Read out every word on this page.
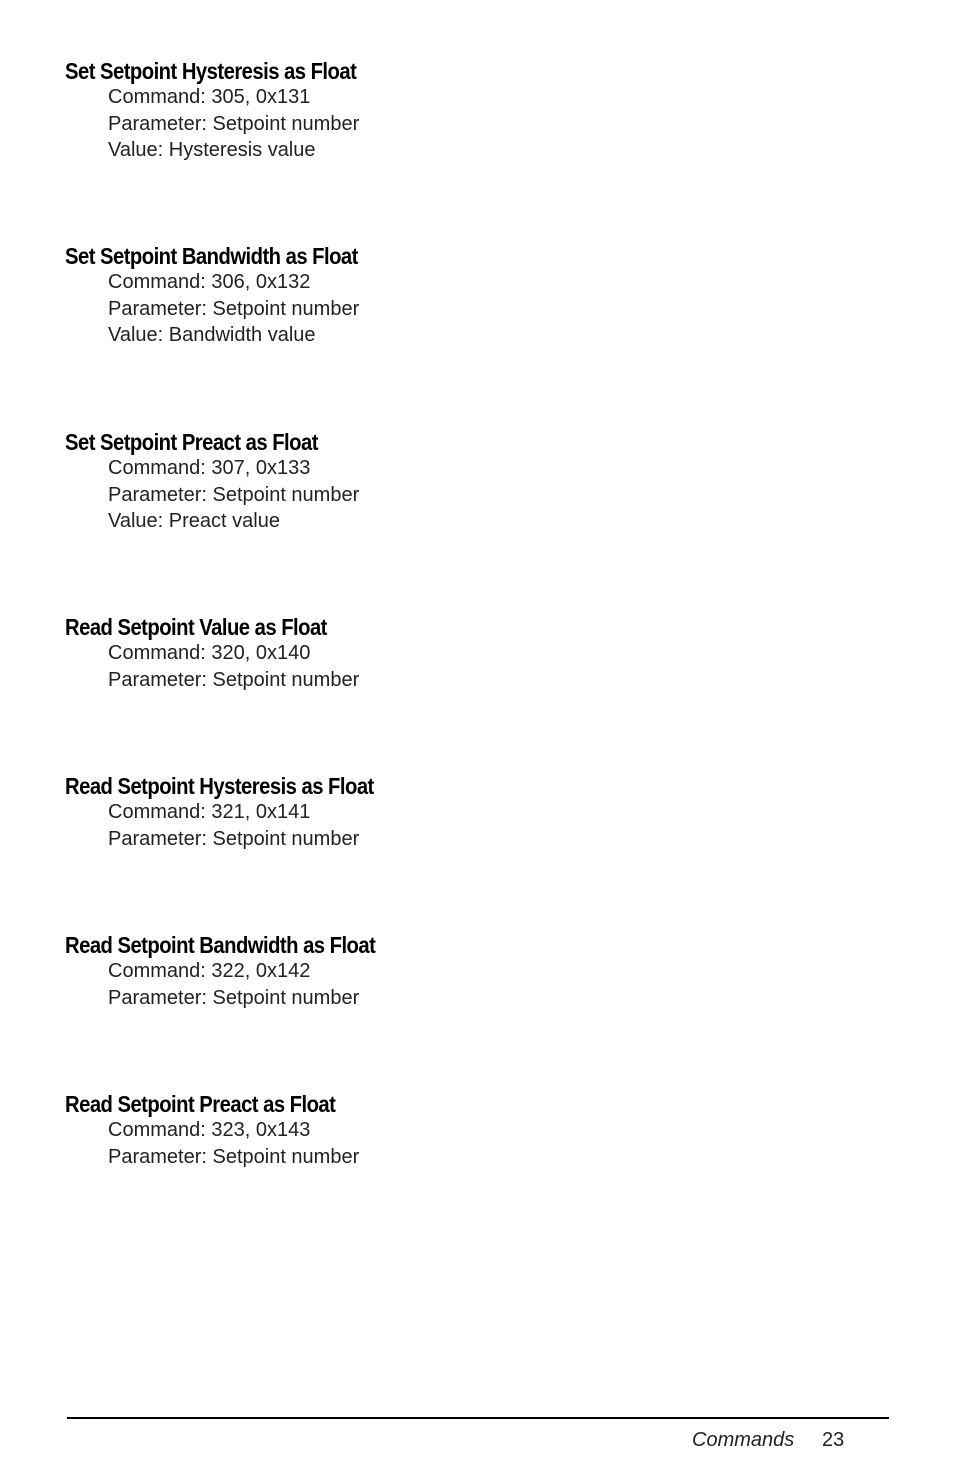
Set Setpoint Hysteresis as Float
Command: 305, 0x131
Parameter: Setpoint number
Value: Hysteresis value
Set Setpoint Bandwidth as Float
Command: 306, 0x132
Parameter: Setpoint number
Value: Bandwidth value
Set Setpoint Preact as Float
Command: 307, 0x133
Parameter: Setpoint number
Value: Preact value
Read Setpoint Value as Float
Command: 320, 0x140
Parameter: Setpoint number
Read Setpoint Hysteresis as Float
Command: 321, 0x141
Parameter: Setpoint number
Read Setpoint Bandwidth as Float
Command: 322, 0x142
Parameter: Setpoint number
Read Setpoint Preact as Float
Command: 323, 0x143
Parameter: Setpoint number
Commands 23
